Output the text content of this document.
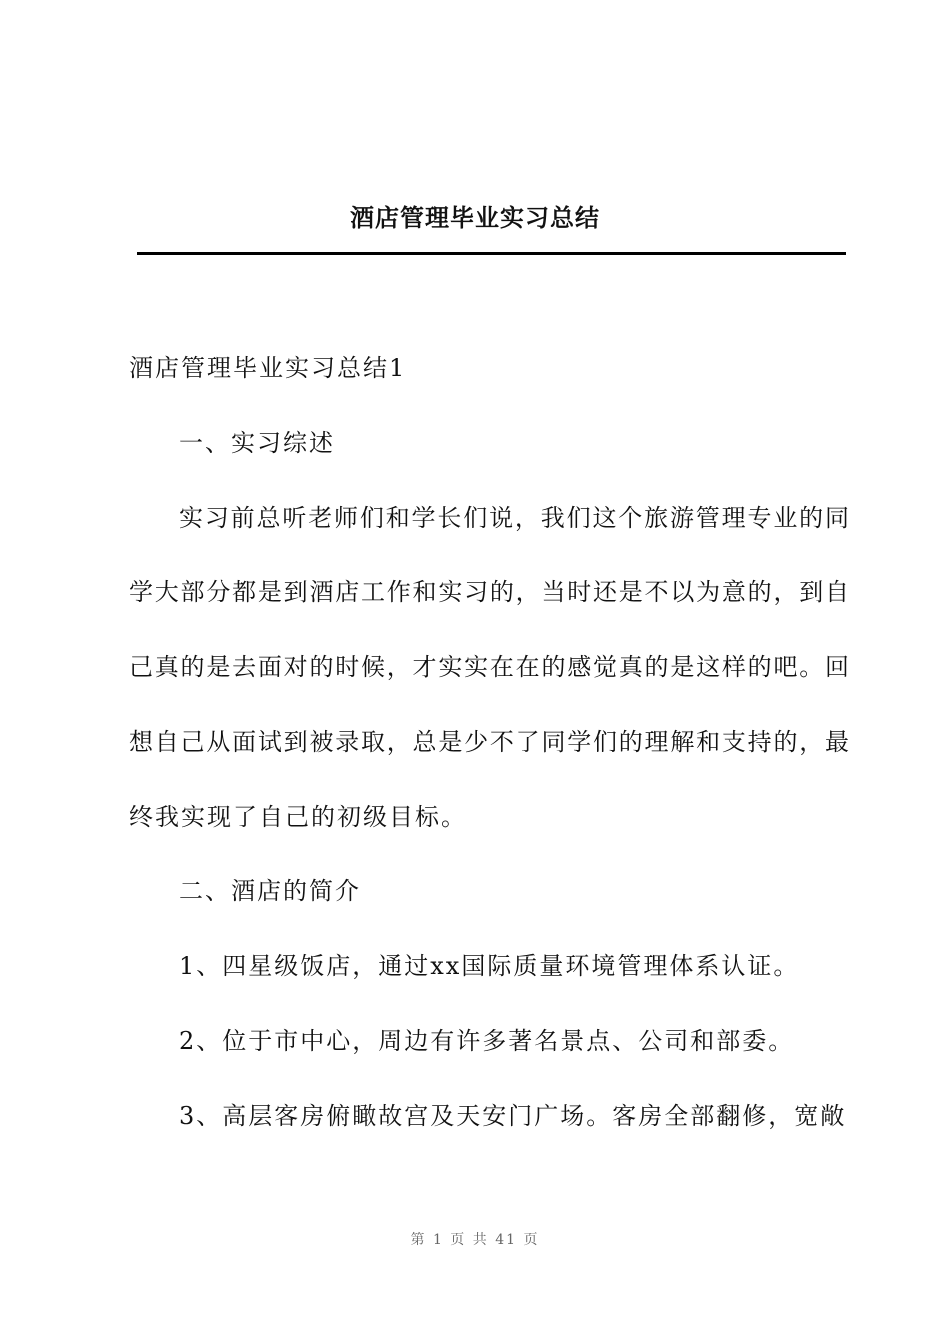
酒店管理毕业实习总结
酒店管理毕业实习总结1
一、实习综述
实习前总听老师们和学长们说，我们这个旅游管理专业的同
学大部分都是到酒店工作和实习的，当时还是不以为意的，到自
己真的是去面对的时候，才实实在在的感觉真的是这样的吧。回
想自己从面试到被录取，总是少不了同学们的理解和支持的，最
终我实现了自己的初级目标。
二、酒店的简介
1、四星级饭店，通过xx国际质量环境管理体系认证。
2、位于市中心，周边有许多著名景点、公司和部委。
3、高层客房俯瞰故宫及天安门广场。客房全部翻修，宽敞
第 1 页 共 41 页
